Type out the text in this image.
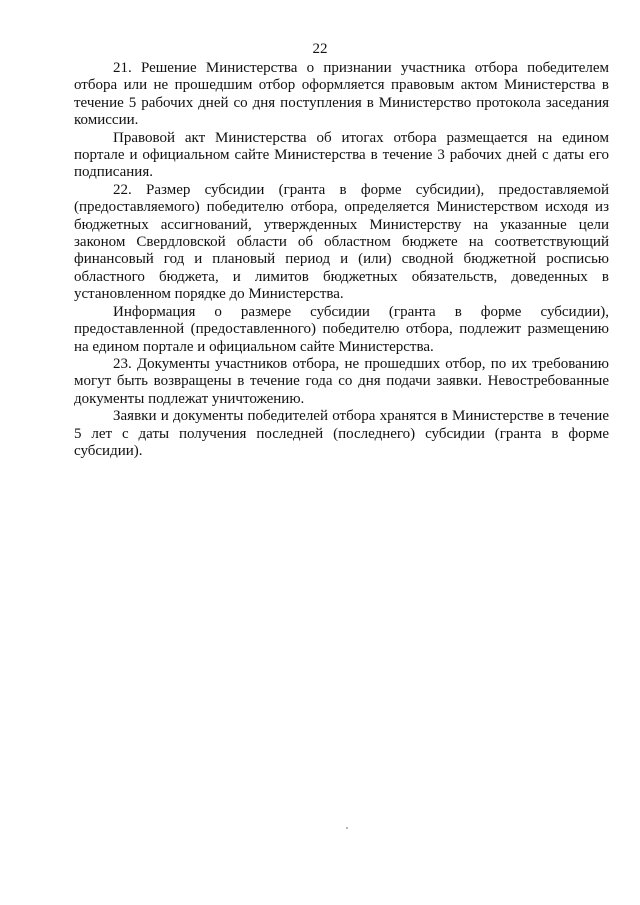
22

21. Решение Министерства о признании участника отбора победителем отбора или не прошедшим отбор оформляется правовым актом Министерства в течение 5 рабочих дней со дня поступления в Министерство протокола заседания комиссии.

Правовой акт Министерства об итогах отбора размещается на едином портале и официальном сайте Министерства в течение 3 рабочих дней с даты его подписания.

22. Размер субсидии (гранта в форме субсидии), предоставляемой (предоставляемого) победителю отбора, определяется Министерством исходя из бюджетных ассигнований, утвержденных Министерству на указанные цели законом Свердловской области об областном бюджете на соответствующий финансовый год и плановый период и (или) сводной бюджетной росписью областного бюджета, и лимитов бюджетных обязательств, доведенных в установленном порядке до Министерства.

Информация о размере субсидии (гранта в форме субсидии), предоставленной (предоставленного) победителю отбора, подлежит размещению на едином портале и официальном сайте Министерства.

23. Документы участников отбора, не прошедших отбор, по их требованию могут быть возвращены в течение года со дня подачи заявки. Невостребованные документы подлежат уничтожению.

Заявки и документы победителей отбора хранятся в Министерстве в течение 5 лет с даты получения последней (последнего) субсидии (гранта в форме субсидии).
